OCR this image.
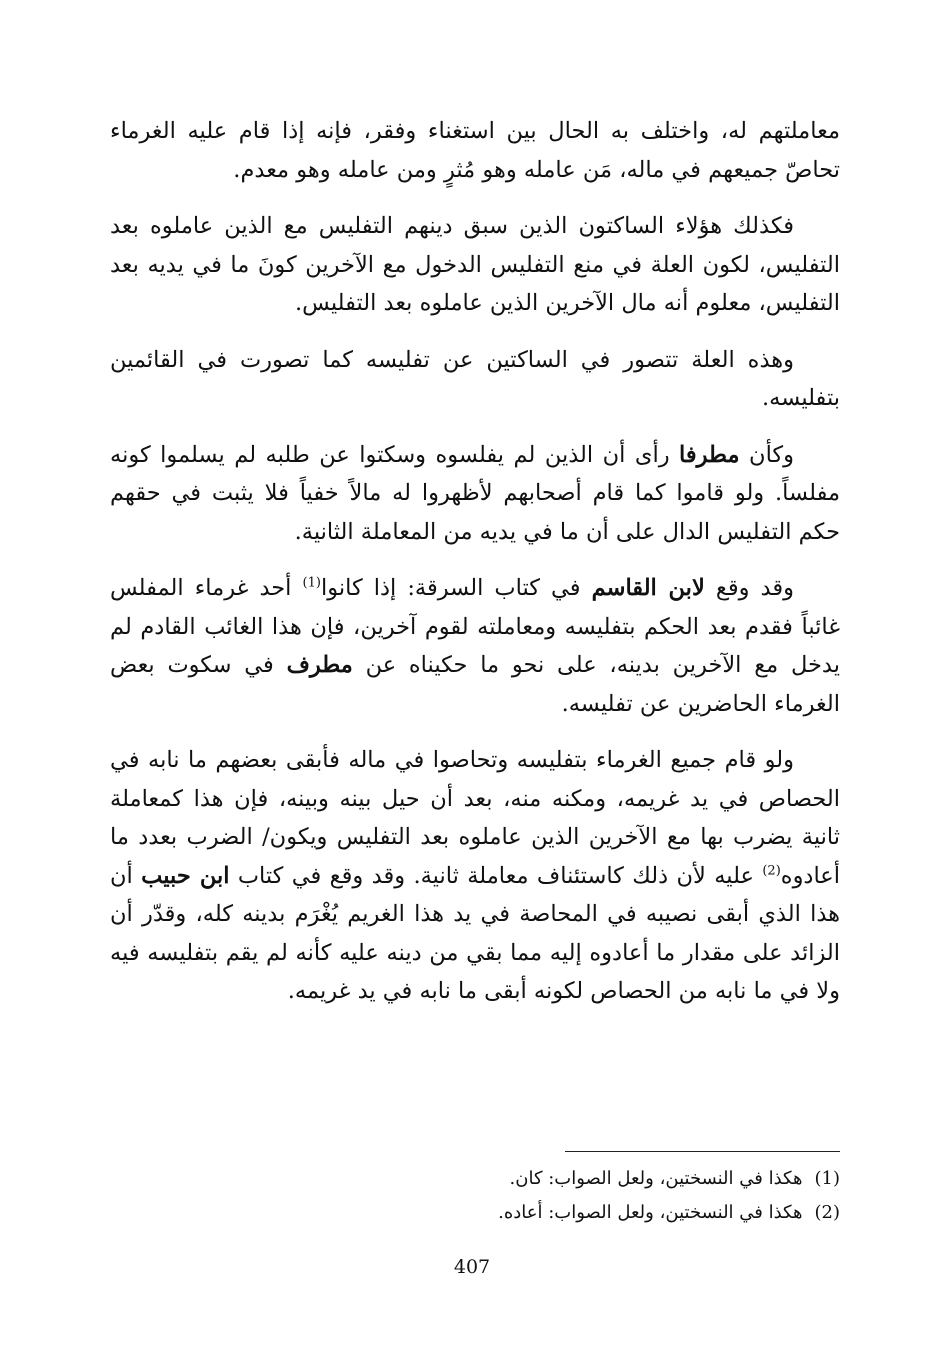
معاملتهم له، واختلف به الحال بين استغناء وفقر، فإنه إذا قام عليه الغرماء تحاصّ جميعهم في ماله، مَن عامله وهو مُثرٍ ومن عامله وهو معدم.

فكذلك هؤلاء الساكتون الذين سبق دينهم التفليس مع الذين عاملوه بعد التفليس، لكون العلة في منع التفليس الدخول مع الآخرين كونَ ما في يديه بعد التفليس، معلوم أنه مال الآخرين الذين عاملوه بعد التفليس.

وهذه العلة تتصور في الساكتين عن تفليسه كما تصورت في القائمين بتفليسه.

وكأن مطرفا رأى أن الذين لم يفلسوه وسكتوا عن طلبه لم يسلموا كونه مفلساً. ولو قاموا كما قام أصحابهم لأظهروا له مالاً خفياً فلا يثبت في حقهم حكم التفليس الدال على أن ما في يديه من المعاملة الثانية.

وقد وقع لابن القاسم في كتاب السرقة: إذا كانوا$^{(1)}$ أحد غرماء المفلس غائباً فقدم بعد الحكم بتفليسه ومعاملته لقوم آخرين، فإن هذا الغائب القادم لم يدخل مع الآخرين بدينه، على نحو ما حكيناه عن مطرف في سكوت بعض الغرماء الحاضرين عن تفليسه.

ولو قام جميع الغرماء بتفليسه وتحاصوا في ماله فأبقى بعضهم ما نابه في الحصاص في يد غريمه، ومكنه منه، بعد أن حيل بينه وبينه، فإن هذا كمعاملة ثانية يضرب بها مع الآخرين الذين عاملوه بعد التفليس ويكون/ الضرب بعدد ما أعادوه$^{(2)}$ عليه لأن ذلك كاستئناف معاملة ثانية. وقد وقع في كتاب ابن حبيب أن هذا الذي أبقى نصيبه في المحاصة في يد هذا الغريم يُغْرَم بدينه كله، وقدّر أن الزائد على مقدار ما أعادوه إليه مما بقي من دينه عليه كأنه لم يقم بتفليسه فيه ولا في ما نابه من الحصاص لكونه أبقى ما نابه في يد غريمه.

(1)هكذا في النسختين، ولعل الصواب: كان.
(2)هكذا في النسختين، ولعل الصواب: أعاده.
407
